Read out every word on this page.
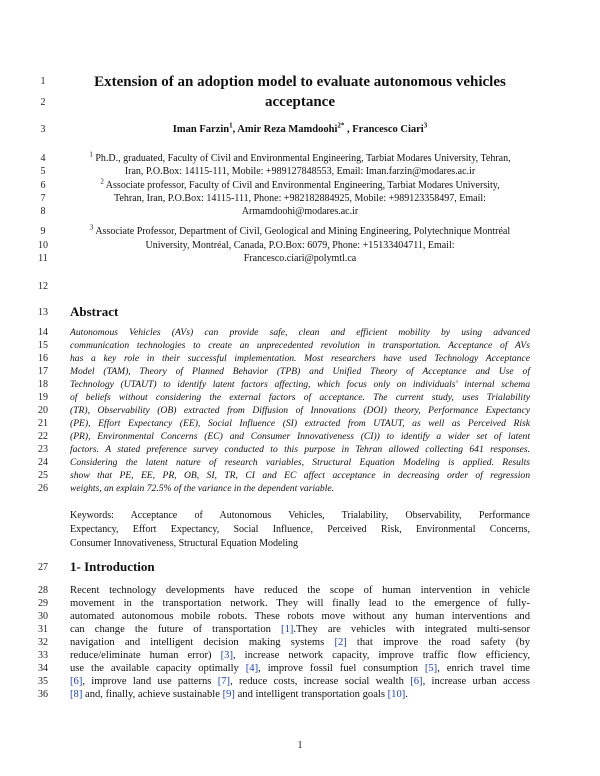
1
2
3
4
5
6
7
8
9
10
11
12
13
14
15
16
17
18
19
20
21
22
23
24
25
26
27
28
29
30
31
32
33
34
35
36
Extension of an adoption model to evaluate autonomous vehicles
acceptance
Iman Farzin$^1$, Amir Reza Mamdoohi$^{2*}$ , Francesco Ciari$^3$
$^1$ Ph.D., graduated, Faculty of Civil and Environmental Engineering, Tarbiat Modares University, Tehran,
Iran, P.O.Box: 14115-111, Mobile: +989127848553, Email: Iman.farzin@modares.ac.ir
$^2$ Associate professor, Faculty of Civil and Environmental Engineering, Tarbiat Modares University,
Tehran, Iran, P.O.Box: 14115-111, Phone: +982182884925, Mobile: +989123358497, Email:
Armamdoohi@modares.ac.ir
$^3$ Associate Professor, Department of Civil, Geological and Mining Engineering, Polytechnique Montréal
University, Montréal, Canada, P.O.Box: 6079, Phone: +15133404711, Email:
Francesco.ciari@polymtl.ca
Abstract
Autonomous Vehicles (AVs) can provide safe, clean and efficient mobility by using advanced
communication technologies to create an unprecedented revolution in transportation. Acceptance of AVs
has a key role in their successful implementation. Most researchers have used Technology Acceptance
Model (TAM), Theory of Planned Behavior (TPB) and Unified Theory of Acceptance and Use of
Technology (UTAUT) to identify latent factors affecting, which focus only on individuals' internal schema
of beliefs without considering the external factors of acceptance. The current study, uses Trialability
(TR), Observability (OB) extracted from Diffusion of Innovations (DOI) theory, Performance Expectancy
(PE), Effort Expectancy (EE), Social Influence (SI) extracted from UTAUT, as well as Perceived Risk
(PR), Environmental Concerns (EC) and Consumer Innovativeness (CI)) to identify a wider set of latent
factors. A stated preference survey conducted to this purpose in Tehran allowed collecting 641 responses.
Considering the latent nature of research variables, Structural Equation Modeling is applied. Results
show that PE, EE, PR, OB, SI, TR, CI and EC affect acceptance in decreasing order of regression
weights, an explain 72.5% of the variance in the dependent variable.
Keywords: Acceptance of Autonomous Vehicles, Trialability, Observability, Performance
Expectancy, Effort Expectancy, Social Influence, Perceived Risk, Environmental Concerns,
Consumer Innovativeness, Structural Equation Modeling
1- Introduction
Recent technology developments have reduced the scope of human intervention in vehicle
movement in the transportation network. They will finally lead to the emergence of fully-
automated autonomous mobile robots. These robots move without any human interventions and
can change the future of transportation [1].They are vehicles with integrated multi-sensor
navigation and intelligent decision making systems [2] that improve the road safety (by
reduce/eliminate human error) [3], increase network capacity, improve traffic flow efficiency,
use the available capacity optimally [4], improve fossil fuel consumption [5], enrich travel time
[6], improve land use patterns [7], reduce costs, increase social wealth [6], increase urban access
[8] and, finally, achieve sustainable [9] and intelligent transportation goals [10].
1
